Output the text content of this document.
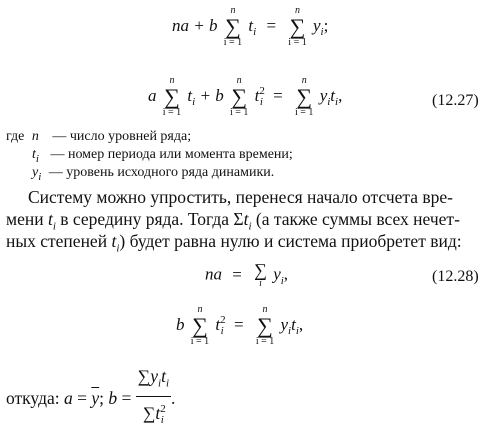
na + b
n
∑
i = 1
$t_i$ =
n
∑
i = 1
$y_i$;
a
n
∑
i = 1
$t_i + b$
n
∑
i = 1
$t^2_i$ =
n
∑
i = 1
$y_it_i$,	(12.27)
где n — число уровней ряда;
$t_i$ — номер периода или момента времени;
$y_i$ — уровень исходного ряда динамики.
Систему можно упростить, перенеся начало отсчета вре-
мени $t_i$ в середину ряда. Тогда $\Sigma t_i$ (а также суммы всех нечет-
ных степеней $t_i$) будет равна нулю и система приобретет вид:
na = ∑
i
$y_i$,	(12.28)
b
n
∑
i = 1
$t^2_i$ =
n
∑
i = 1
$y_it_i$,
откуда: $a = \overline{y}$; $b = \frac{\sum y_it_i}{\sum t^2_i}$ .
